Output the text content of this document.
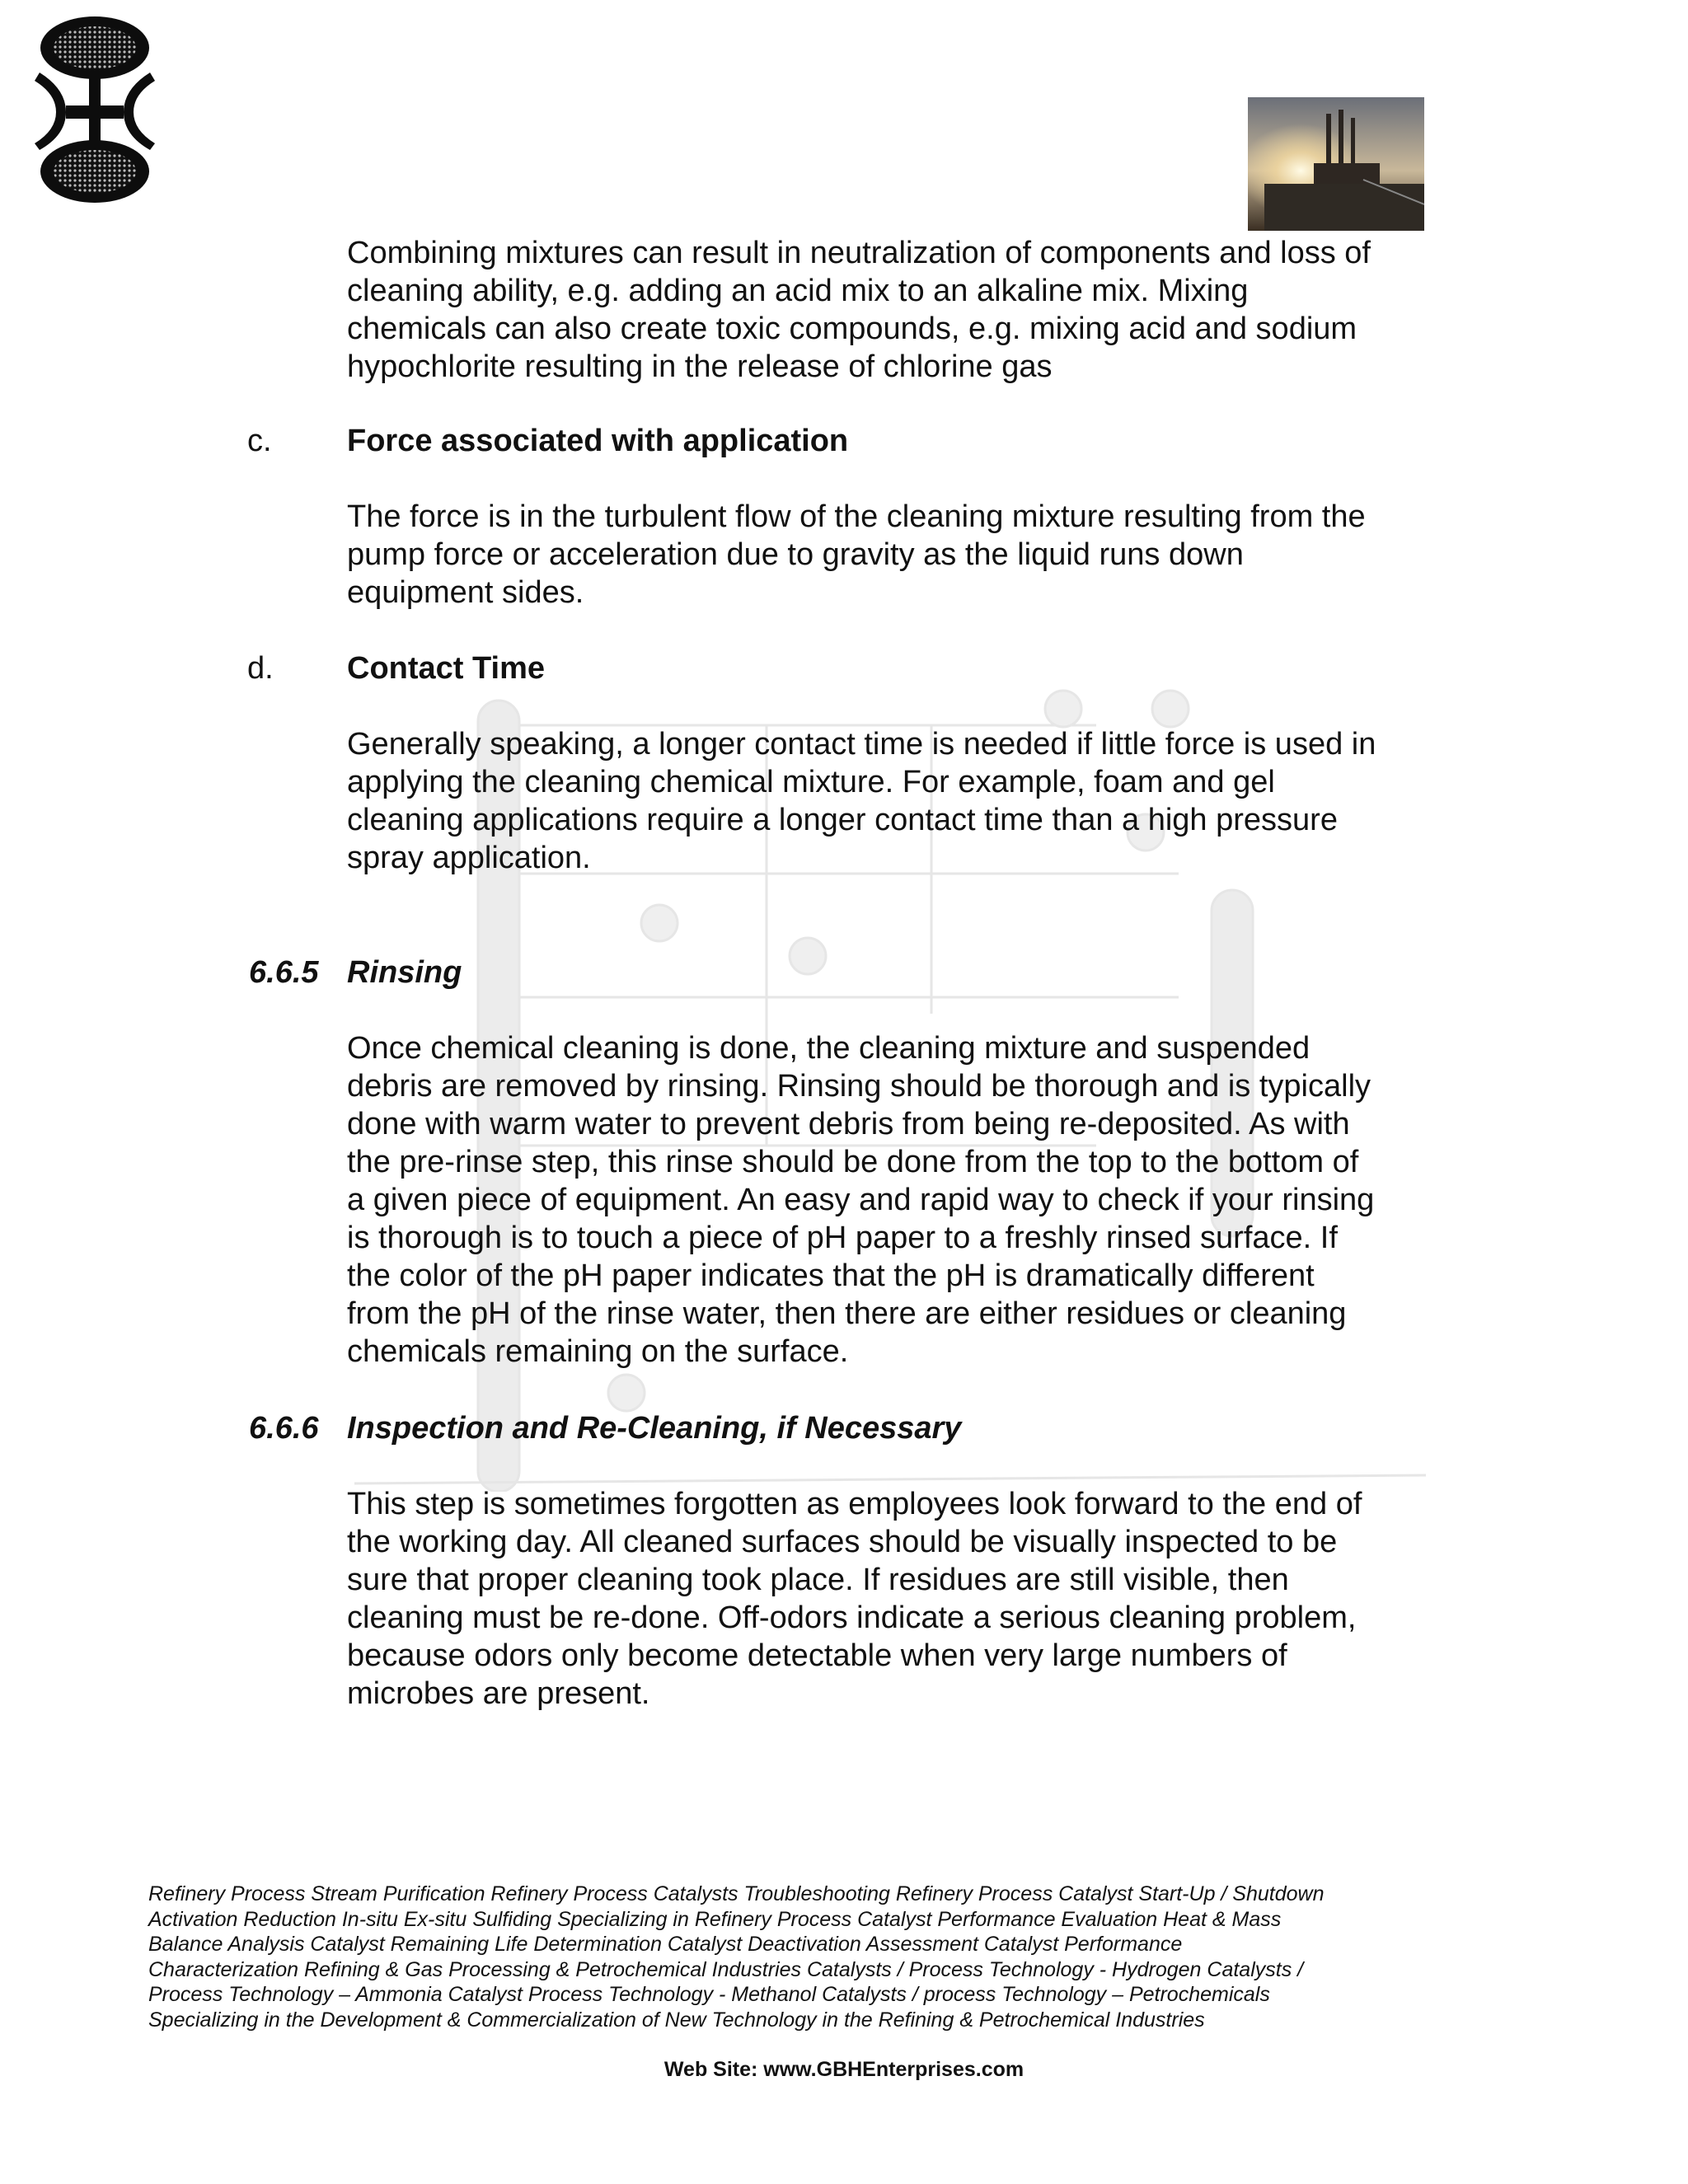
Combining mixtures can result in neutralization of components and loss of

cleaning ability, e.g. adding an acid mix to an alkaline mix. Mixing

chemicals can also create toxic compounds, e.g. mixing acid and sodium

hypochlorite resulting in the release of chlorine gas

c. Force associated with application

The force is in the turbulent flow of the cleaning mixture resulting from the

pump force or acceleration due to gravity as the liquid runs down

equipment sides.

d. Contact Time

Generally speaking, a longer contact time is needed if little force is used in

applying the cleaning chemical mixture. For example, foam and gel

cleaning applications require a longer contact time than a high pressure

spray application.

6.6.5 Rinsing

Once chemical cleaning is done, the cleaning mixture and suspended

debris are removed by rinsing. Rinsing should be thorough and is typically

done with warm water to prevent debris from being re-deposited. As with

the pre-rinse step, this rinse should be done from the top to the bottom of

a given piece of equipment. An easy and rapid way to check if your rinsing

is thorough is to touch a piece of pH paper to a freshly rinsed surface. If

the color of the pH paper indicates that the pH is dramatically different

from the pH of the rinse water, then there are either residues or cleaning

chemicals remaining on the surface.

6.6.6 Inspection and Re-Cleaning, if Necessary

This step is sometimes forgotten as employees look forward to the end of

the working day. All cleaned surfaces should be visually inspected to be

sure that proper cleaning took place. If residues are still visible, then

cleaning must be re-done. Off-odors indicate a serious cleaning problem,

because odors only become detectable when very large numbers of

microbes are present.

Refinery Process Stream Purification Refinery Process Catalysts Troubleshooting Refinery Process Catalyst Start-Up / Shutdown

Activation Reduction In-situ Ex-situ Sulfiding Specializing in Refinery Process Catalyst Performance Evaluation Heat & Mass

Balance Analysis Catalyst Remaining Life Determination Catalyst Deactivation Assessment Catalyst Performance

Characterization Refining & Gas Processing & Petrochemical Industries Catalysts / Process Technology - Hydrogen Catalysts /

Process Technology – Ammonia Catalyst Process Technology - Methanol Catalysts / process Technology – Petrochemicals

Specializing in the Development & Commercialization of New Technology in the Refining & Petrochemical Industries

Web Site: www.GBHEnterprises.com
